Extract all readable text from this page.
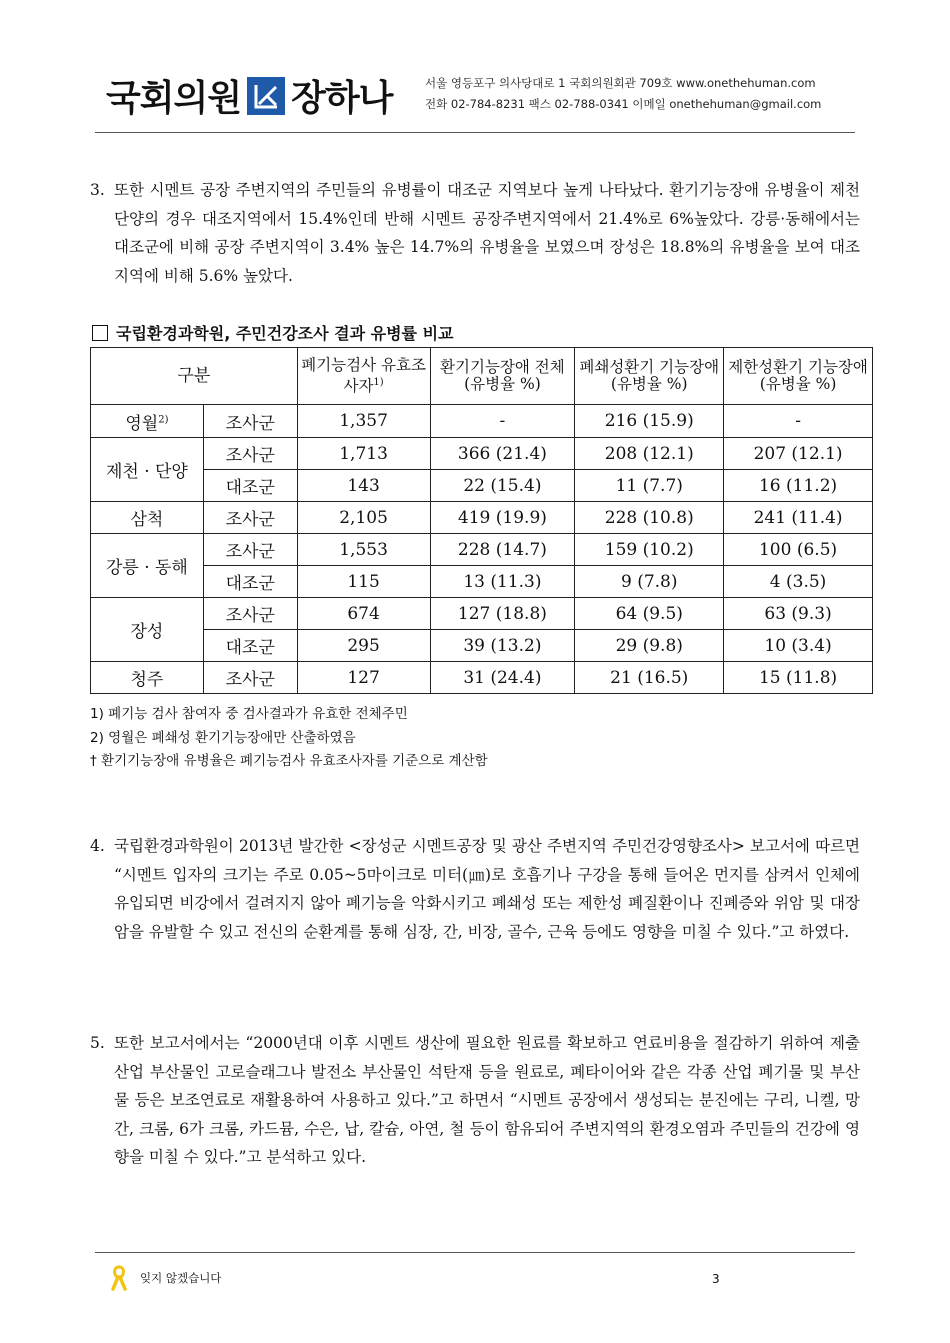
국회의원 장하나	서울 영등포구 의사당대로 1 국회의원회관 709호 www.onethehuman.com
전화 02-784-8231 팩스 02-788-0341 이메일 onethehuman@gmail.com
3. 또한 시멘트 공장 주변지역의 주민들의 유병률이 대조군 지역보다 높게 나타났다. 환기기능장애 유병율이 제천단양의 경우 대조지역에서 15.4%인데 반해 시멘트 공장주변지역에서 21.4%로 6%높았다. 강릉·동해에서는 대조군에 비해 공장 주변지역이 3.4% 높은 14.7%의 유병율을 보였으며 장성은 18.8%의 유병율을 보여 대조지역에 비해 5.6% 높았다.
국립환경과학원, 주민건강조사 결과 유병률 비교
구분		폐기능검사 유효조사자$^{1)}$	환기기능장애 전체 (유병율 %)	폐쇄성환기 기능장애 (유병율 %)	제한성환기 기능장애 (유병율 %)
영월$^{2)}$	조사군	1,357	-	216 (15.9)	-
제천 · 단양	조사군	1,713	366 (21.4)	208 (12.1)	207 (12.1)
	대조군	143	22 (15.4)	11 (7.7)	16 (11.2)
삼척	조사군	2,105	419 (19.9)	228 (10.8)	241 (11.4)
강릉 · 동해	조사군	1,553	228 (14.7)	159 (10.2)	100 (6.5)
	대조군	115	13 (11.3)	9 (7.8)	4 (3.5)
장성	조사군	674	127 (18.8)	64 (9.5)	63 (9.3)
	대조군	295	39 (13.2)	29 (9.8)	10 (3.4)
청주	조사군	127	31 (24.4)	21 (16.5)	15 (11.8)
1) 폐기능 검사 참여자 중 검사결과가 유효한 전체주민
2) 영월은 폐쇄성 환기기능장애만 산출하였음
† 환기기능장애 유병율은 폐기능검사 유효조사자를 기준으로 계산함
4. 국립환경과학원이 2013년 발간한 <장성군 시멘트공장 및 광산 주변지역 주민건강영향조사> 보고서에 따르면 “시멘트 입자의 크기는 주로 0.05~5마이크로 미터(㎛)로 호흡기나 구강을 통해 들어온 먼지를 삼켜서 인체에 유입되면 비강에서 걸려지지 않아 폐기능을 악화시키고 폐쇄성 또는 제한성 폐질환이나 진폐증와 위암 및 대장암을 유발할 수 있고 전신의 순환계를 통해 심장, 간, 비장, 골수, 근육 등에도 영향을 미칠 수 있다.”고 하였다.
5. 또한 보고서에서는 “2000년대 이후 시멘트 생산에 필요한 원료를 확보하고 연료비용을 절감하기 위하여 제출산업 부산물인 고로슬래그나 발전소 부산물인 석탄재 등을 원료로, 폐타이어와 같은 각종 산업 폐기물 및 부산물 등은 보조연료로 재활용하여 사용하고 있다.”고 하면서 “시멘트 공장에서 생성되는 분진에는 구리, 니켈, 망간, 크롬, 6가 크롬, 카드뮴, 수은, 납, 칼슘, 아연, 철 등이 함유되어 주변지역의 환경오염과 주민들의 건강에 영향을 미칠 수 있다.”고 분석하고 있다.
잊지 않겠습니다	3
